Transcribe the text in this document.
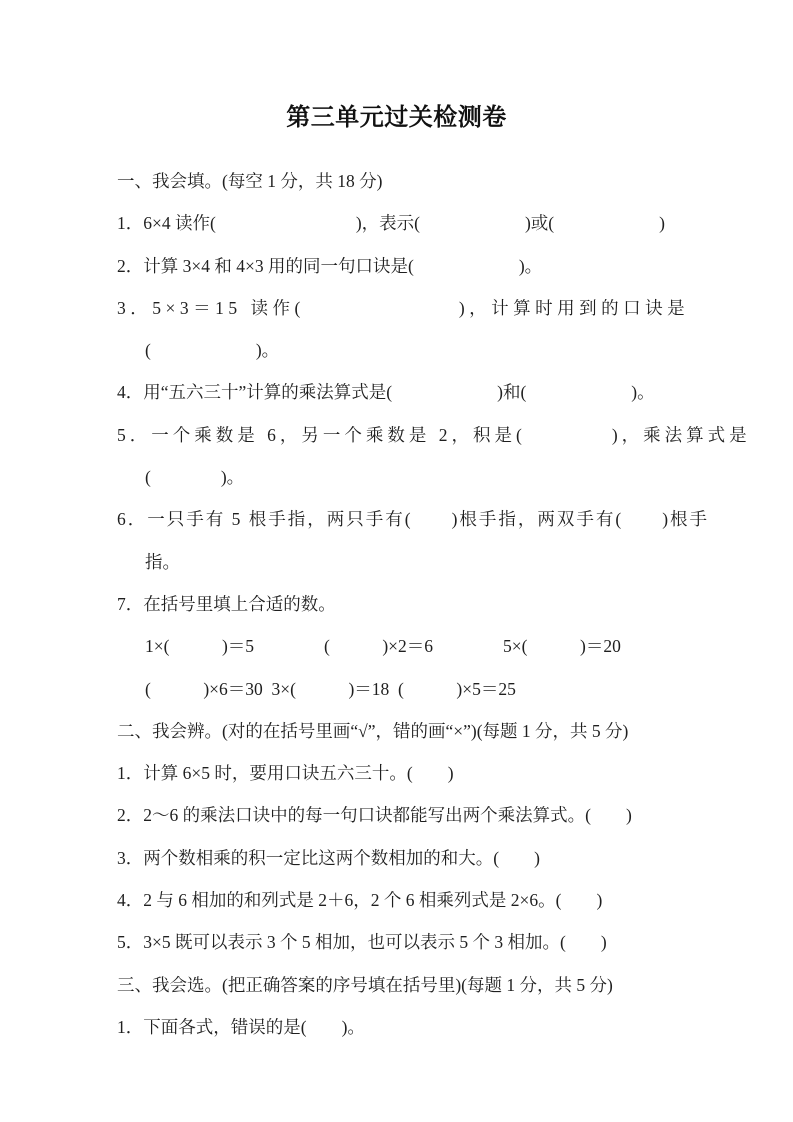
第三单元过关检测卷
一、我会填。(每空 1 分，共 18 分)
1．6×4 读作(　　　　　　　　)，表示(　　　　　　)或(　　　　　　)
2．计算 3×4 和 4×3 用的同一句口诀是(　　　　　　)。
3．5×3＝15 读作(　　　　　　　)，计算时用到的口诀是
(　　　　　　)。
4．用“五六三十”计算的乘法算式是(　　　　　　)和(　　　　　　)。
5．一个乘数是 6，另一个乘数是 2，积是(　　　　)，乘法算式是
(　　　　)。
6．一只手有 5 根手指，两只手有(　　)根手指，两双手有(　　)根手
指。
7．在括号里填上合适的数。
1×(　　　)＝5　　　　(　　　)×2＝6　　　　5×(　　　)＝20
(　　　)×6＝30  3×(　　　)＝18  (　　　)×5＝25
二、我会辨。(对的在括号里画“√”，错的画“×”)(每题 1 分，共 5 分)
1．计算 6×5 时，要用口诀五六三十。(　　)
2．2～6 的乘法口诀中的每一句口诀都能写出两个乘法算式。(　　)
3．两个数相乘的积一定比这两个数相加的和大。(　　)
4．2 与 6 相加的和列式是 2＋6，2 个 6 相乘列式是 2×6。(　　)
5．3×5 既可以表示 3 个 5 相加，也可以表示 5 个 3 相加。(　　)
三、我会选。(把正确答案的序号填在括号里)(每题 1 分，共 5 分)
1．下面各式，错误的是(　　)。
